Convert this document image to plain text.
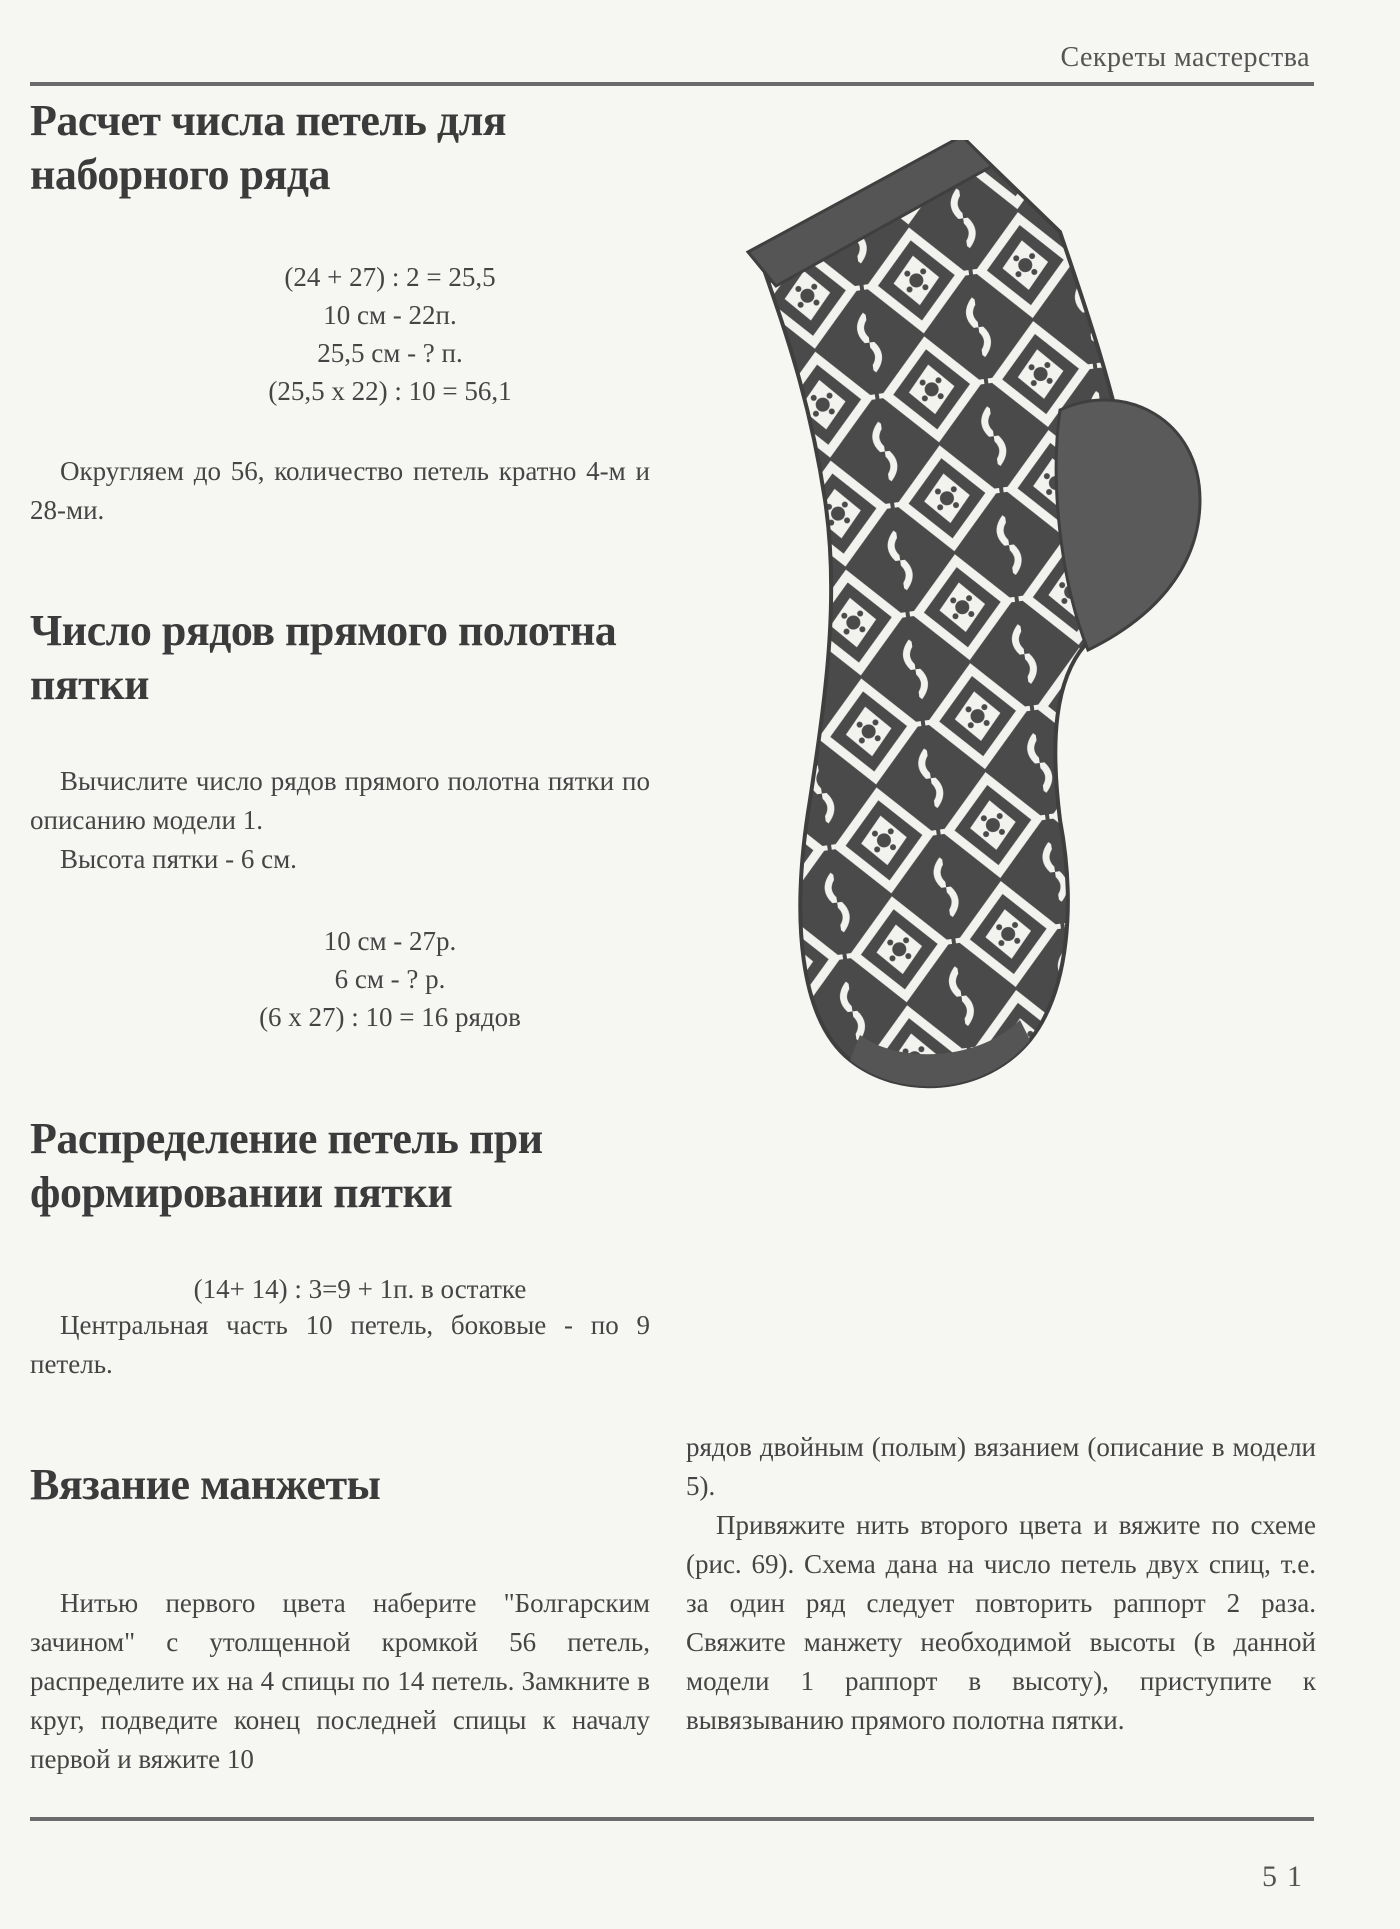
Секреты мастерства
Расчет числа петель для
наборного ряда
(24 + 27) : 2 = 25,5
10 см - 22п.
25,5 см - ? п.
(25,5 х 22) : 10 = 56,1

Округляем до 56, количество петель кратно 4-м и 28-ми.

Число рядов прямого полотна
пятки

Вычислите число рядов прямого полотна пятки по описанию модели 1.

Высота пятки - 6 см.

10 см - 27р.
6 см - ? р.
(6 х 27) : 10 = 16 рядов
Распределение петель при
формировании пятки
(14+ 14) : 3=9 + 1п. в остатке

Центральная часть 10 петель, боковые - по 9 петель.

Вязание манжеты

Нитью первого цвета наберите "Болгарским зачином" с утолщенной кромкой 56 петель, распределите их на 4 спицы по 14 петель. Замкните в круг, подведите конец последней спицы к началу первой и вяжите 10

рядов двойным (полым) вязанием (описание в модели 5).

Привяжите нить второго цвета и вяжите по схеме (рис. 69). Схема дана на число петель двух спиц, т.е. за один ряд следует повторить раппорт 2 раза. Свяжите манжету необходимой высоты (в данной модели 1 раппорт в высоту), приступите к вывязыванию прямого полотна пятки.

51
